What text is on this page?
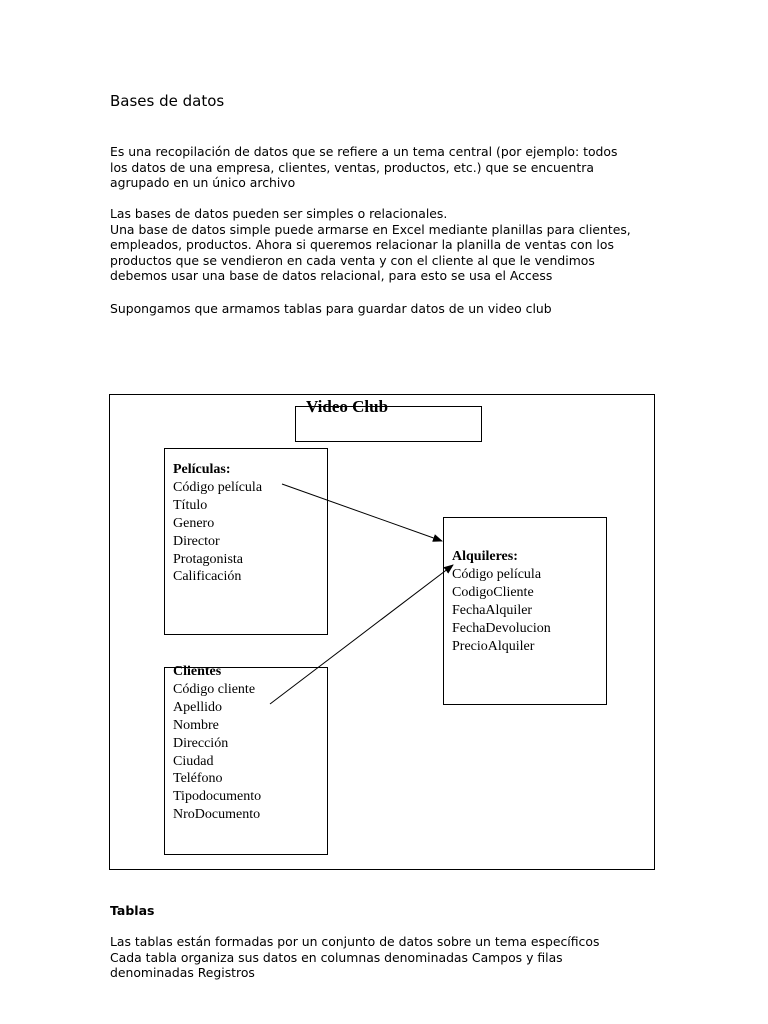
Bases de datos
Es una recopilación de datos que se refiere a un tema central (por ejemplo: todos
los datos de una empresa, clientes, ventas, productos, etc.) que se encuentra
agrupado en un único archivo
Las bases de datos pueden ser simples o relacionales.
Una base de datos simple puede armarse en Excel mediante planillas para clientes,
empleados, productos. Ahora si queremos relacionar la planilla de ventas con los
productos que se vendieron en cada venta y con el cliente al que le vendimos
debemos usar una base de datos relacional, para esto se usa el Access
Supongamos que armamos tablas para guardar datos de un video club
Video Club
Películas:
Código película
Título
Genero
Director
Protagonista
Calificación
Clientes
Código cliente
Apellido
Nombre
Dirección
Ciudad
Teléfono
Tipodocumento
NroDocumento
Alquileres:
Código película
CodigoCliente
FechaAlquiler
FechaDevolucion
PrecioAlquiler
Tablas
Las tablas están formadas por un conjunto de datos sobre un tema específicos
Cada tabla organiza sus datos en columnas denominadas Campos y filas
denominadas Registros
